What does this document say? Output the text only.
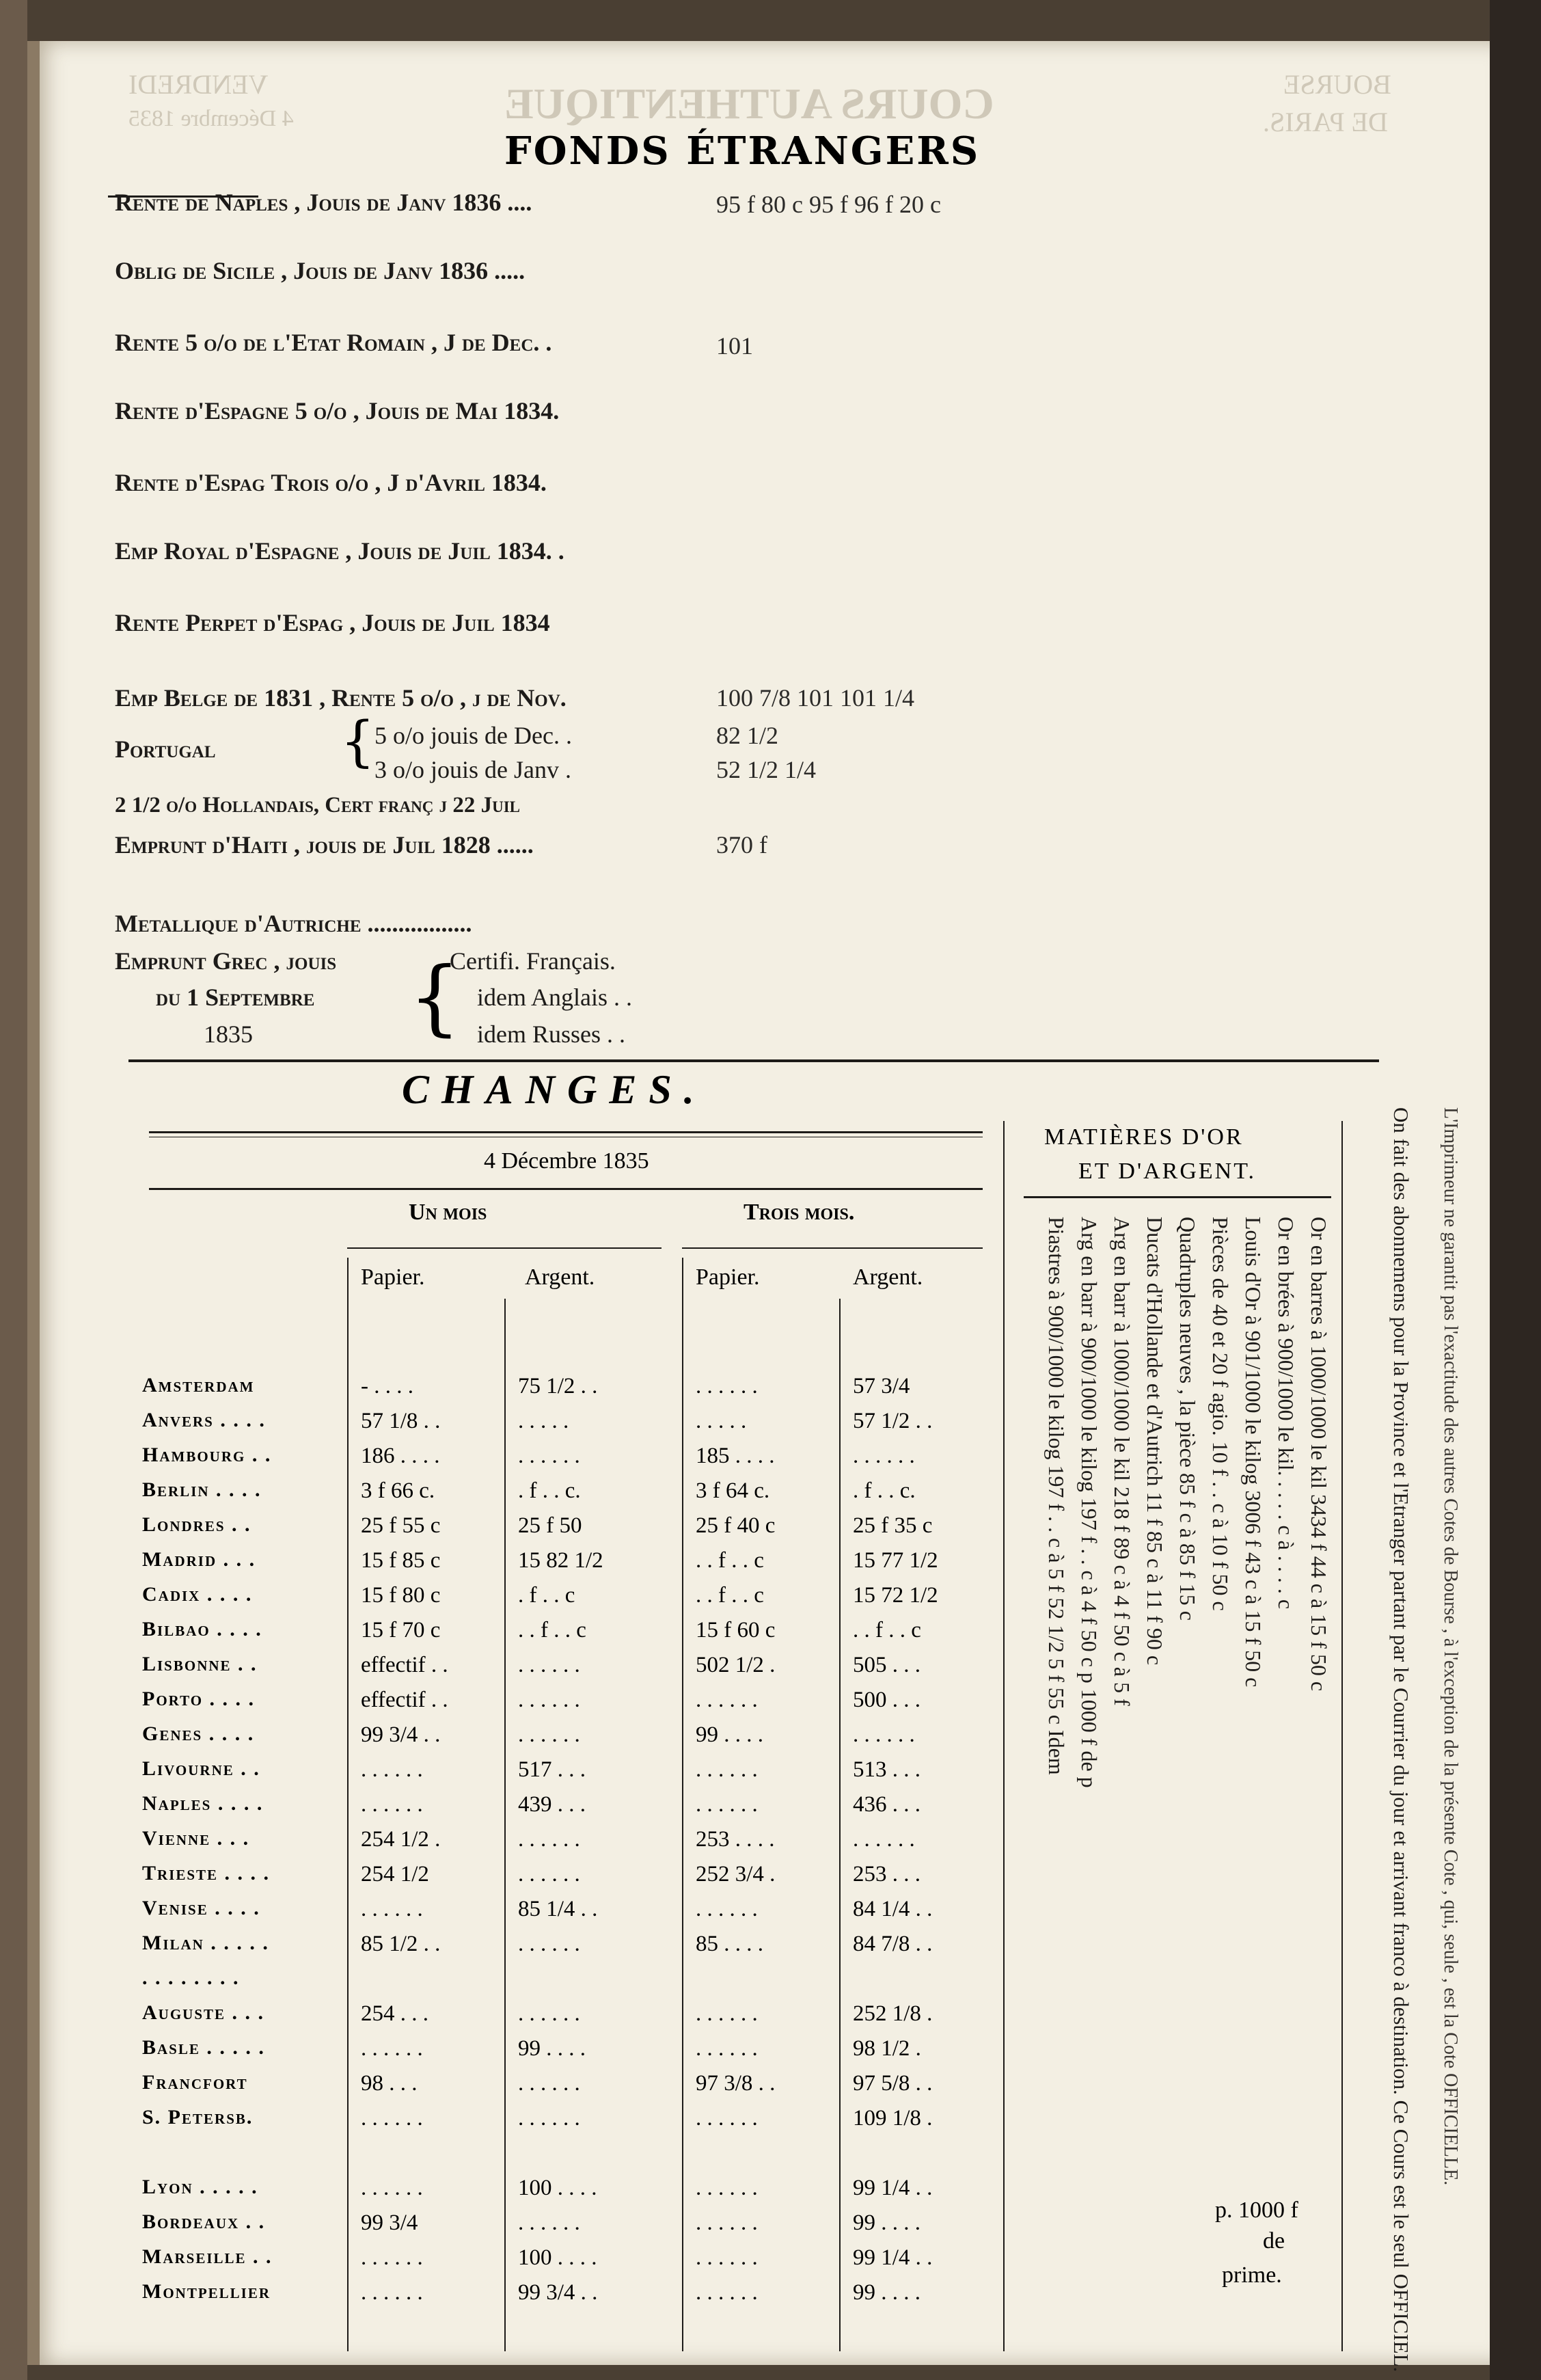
COURS AUTHENTIQUE
VENDREDI
4 Décembre 1835
BOURSE
DE PARIS.
FONDS ÉTRANGERS
Rente de Naples , Jouis de Janv 1836 ....	95 f 80 c 95 f 96 f 20 c
Oblig de Sicile , Jouis de Janv 1836 .....
Rente 5 o/o de l'Etat Romain , J de Dec. .	101
Rente d'Espagne 5 o/o , Jouis de Mai 1834.
Rente d'Espag Trois o/o , J d'Avril 1834.
Emp Royal d'Espagne , Jouis de Juil 1834. .
Rente Perpet d'Espag , Jouis de Juil 1834
Emp Belge de 1831 , Rente 5 o/o , j de Nov.	100 7/8 101 101 1/4
Portugal { 5 o/o jouis de Dec. .	82 1/2
3 o/o jouis de Janv .	52 1/2 1/4
2 1/2 o/o Hollandais, Cert franç j 22 Juil
Emprunt d'Haiti , jouis de Juil 1828 ......	370 f
Metallique d'Autriche .................
Emprunt Grec , jouis
du 1 Septembre
1835 {
Certifi. Français.
idem Anglais . .
idem Russes . .
CHANGES.
4 Décembre 1835
Un mois	Trois mois.
Papier.	Argent.	Papier.	Argent.
Amsterdam	- . . . .	75 1/2 . .	. . . . . .	57 3/4
Anvers . . . .	57 1/8 . .	. . . . .	. . . . .	57 1/2 . .
Hambourg . .	186 . . . .	. . . . . .	185 . . . .	. . . . . .
Berlin . . . .	3 f 66 c.	. f . . c.	3 f 64 c.	. f . . c.
Londres . .	25 f 55 c	25 f 50	25 f 40 c	25 f 35 c
Madrid . . .	15 f 85 c	15 82 1/2	. . f . . c	15 77 1/2
Cadix . . . .	15 f 80 c	. f . . c	. . f . . c	15 72 1/2
Bilbao . . . .	15 f 70 c	. . f . . c	15 f 60 c	. . f . . c
Lisbonne . .	effectif . .	. . . . . .	502 1/2 .	505 . . .
Porto . . . .	effectif . .	. . . . . .	. . . . . .	500 . . .
Genes . . . .	99 3/4 . .	. . . . . .	99 . . . .	. . . . . .
Livourne . .	. . . . . .	517 . . .	. . . . . .	513 . . .
Naples . . . .	. . . . . .	439 . . .	. . . . . .	436 . . .
Vienne . . .	254 1/2 .	. . . . . .	253 . . . .	. . . . . .
Trieste . . . .	254 1/2	. . . . . .	252 3/4 .	253 . . .
Venise . . . .	. . . . . .	85 1/4 . .	. . . . . .	84 1/4 . .
Milan . . . . .	85 1/2 . .	. . . . . .	85 . . . .	84 7/8 . .
. . . . . . . .
Auguste . . .	254 . . .	. . . . . .	. . . . . .	252 1/8 .
Basle . . . . .	. . . . . .	99 . . . .	. . . . . .	98 1/2 .
Francfort	98 . . .	. . . . . .	97 3/8 . .	97 5/8 . .
S. Petersb.	. . . . . .	. . . . . .	. . . . . .	109 1/8 .
Lyon . . . . .	. . . . . .	100 . . . .	. . . . . .	99 1/4 . .
Bordeaux . .	99 3/4	. . . . . .	. . . . . .	99 . . . .
Marseille . .	. . . . . .	100 . . . .	. . . . . .	99 1/4 . .
Montpellier	. . . . . .	99 3/4 . .	. . . . . .	99 . . . .
MATIÈRES D'OR
ET D'ARGENT.
Or en barres à 1000/1000 le kil 3434 f 44 c à 15 f 50 c
Or en brées à 900/1000 le kil. . . . . c à . . . . c
Louis d'Or à 901/1000 le kilog 3006 f 43 c à 15 f 50 c
Pièces de 40 et 20 f agio. 10 f . . c à 10 f 50 c
Quadruples neuves , la pièce 85 f c à 85 f 15 c
Ducats d'Hollande et d'Autrich 11 f 85 c à 11 f 90 c
Arg en barr à 1000/1000 le kil 218 f 89 c à 4 f 50 c à 5 f
Arg en barr à 900/1000 le kilog 197 f . . c à 4 f 50 c p 1000 f de p
Piastres à 900/1000 le kilog 197 f . . c à 5 f 52 1/2 5 f 55 c Idem
p. 1000 f
de
prime.	On fait des abonnemens pour la Province et l'Etranger partant par le Courrier du jour et arrivant franco à destination. Ce Cours est le seul OFFICIEL. L'Imprimeur ne garantit pas l'exactitude des autres Cotes de Bourse , à l'exception de la présente Cote , qui, seule , est la Cote OFFICIELLE.
